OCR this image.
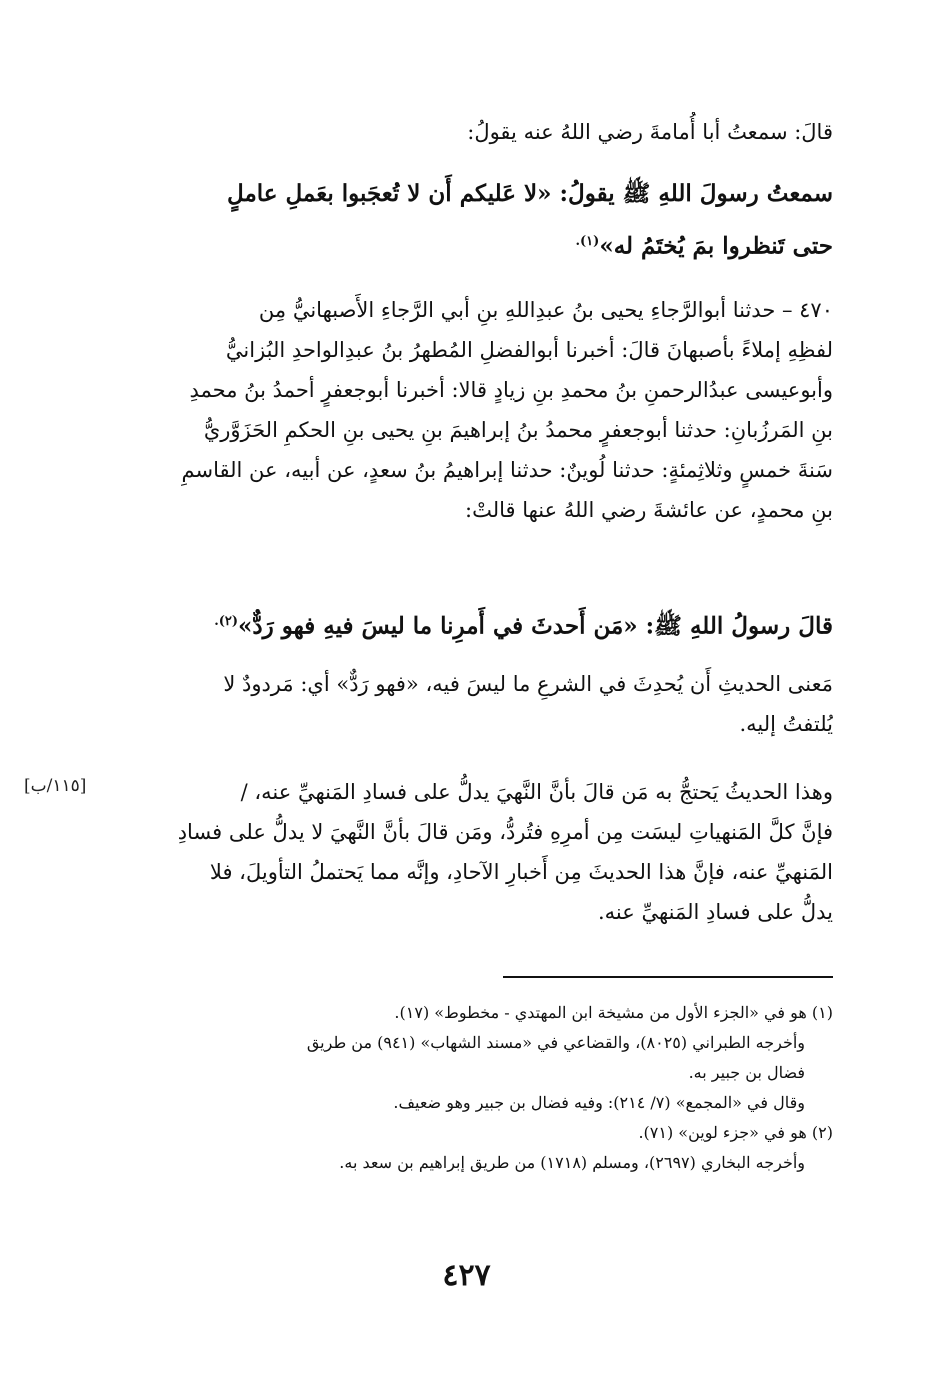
قالَ: سمعتُ أبا أُمامةَ رضي اللهُ عنه يقولُ:
سمعتُ رسولَ اللهِ ﷺ يقولُ: «لا عَليكم أَن لا تُعجَبوا بعَملِ عاملٍ
حتى تَنظروا بمَ يُختَمُ له»$^{(١).}$
٤٧٠ – حدثنا أبوالرَّجاءِ يحيى بنُ عبدِاللهِ بنِ أبي الرَّجاءِ الأَصبهانيُّ مِن
لفظِهِ إملاءً بأصبهانَ قالَ: أخبرنا أبوالفضلِ المُطهرُ بنُ عبدِالواحدِ البُزانيُّ
وأبوعيسى عبدُالرحمنِ بنُ محمدِ بنِ زيادٍ قالا: أخبرنا أبوجعفرٍ أحمدُ بنُ محمدِ
بنِ المَرزُبانِ: حدثنا أبوجعفرٍ محمدُ بنُ إبراهيمَ بنِ يحيى بنِ الحكمِ الحَزَوَّريُّ
سَنةَ خمسٍ وثلاثِمئةٍ: حدثنا لُوينٌ: حدثنا إبراهيمُ بنُ سعدٍ، عن أبيه، عن القاسمِ
بنِ محمدٍ، عن عائشةَ رضي اللهُ عنها قالتْ:
قالَ رسولُ اللهِ ﷺ: «مَن أَحدثَ في أَمرِنا ما ليسَ فيهِ فهو رَدٌّ»$^{(٢).}$
مَعنى الحديثِ أَن يُحدِثَ في الشرعِ ما ليسَ فيه، «فهو رَدٌّ» أي: مَردودٌ لا
يُلتفتُ إليه.
وهذا الحديثُ يَحتجُّ به مَن قالَ بأنَّ النَّهيَ يدلُّ على فسادِ المَنهيِّ عنه، /
فإنَّ كلَّ المَنهياتِ ليسَت مِن أمرِهِ فتُردُّ، ومَن قالَ بأنَّ النَّهيَ لا يدلُّ على فسادِ
المَنهيِّ عنه، فإنَّ هذا الحديثَ مِن أَخبارِ الآحادِ، وإنَّه مما يَحتملُ التأويلَ، فلا
يدلُّ على فسادِ المَنهيِّ عنه.
[١١٥/ب]
(١) هو في «الجزء الأول من مشيخة ابن المهتدي - مخطوط» (١٧).
وأخرجه الطبراني (٨٠٢٥)، والقضاعي في «مسند الشهاب» (٩٤١) من طريق
فضال بن جبير به.
وقال في «المجمع» (٧/ ٢١٤): وفيه فضال بن جبير وهو ضعيف.
(٢) هو في «جزء لوين» (٧١).
وأخرجه البخاري (٢٦٩٧)، ومسلم (١٧١٨) من طريق إبراهيم بن سعد به.
٤٢٧
